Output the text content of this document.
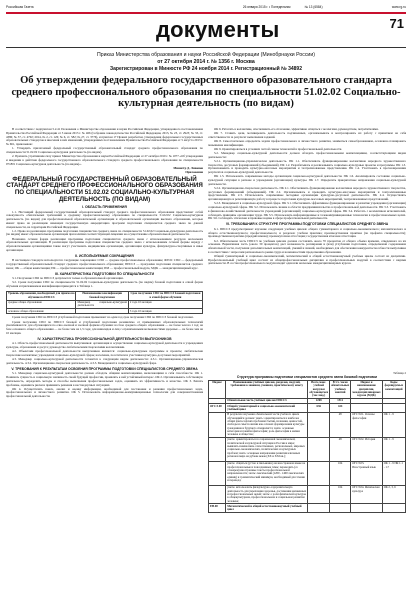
Российская Газета	26 января 2015 г. • Понедельник	№ 13 (6584)	www.rg.ru
документы	71
Приказ Министерства образования и науки Российской Федерации (Минобрнауки России)
от 27 октября 2014 г. № 1356 г. Москва
Зарегистрирован в Минюсте РФ 24 ноября 2014 г. Регистрационный № 34892
Об утверждении федерального государственного образовательного стандарта среднего профессионального образования по специальности 51.02.02 Социально-культурная деятельность (по видам)

В соответствии с подпунктом 5.2.41 Положения о Министерстве образования и науки Российской Федерации, утвержденного постановлением Правительства Российской Федерации от 3 июня 2013 г. № 466 (Собрание законодательства Российской Федерации, 2013, № 23, ст. 2923; № 33, ст. 4386; № 37, ст. 4702; 2014, № 2, ст. 126; № 6, ст. 582; № 27, ст. 3776), и пунктом 17 Правил разработки, утверждения федеральных государственных образовательных стандартов и внесения в них изменений, утвержденных постановлением Правительства Российской Федерации от 5 августа 2013 г. № 661, приказываю:

1. Утвердить прилагаемый федеральный государственный образовательный стандарт среднего профессионального образования по специальности 51.02.02 Социально-культурная деятельность (по видам).

2. Признать утратившим силу приказ Министерства образования и науки Российской Федерации от 27 октября 2010 г. № 1077 «Об утверждении и введении в действие федерального государственного образовательного стандарта среднего профессионального образования по специальности 071801 Социально-культурная деятельность (по видам)».

Министр Д. Ливанов

Приложение

ФЕДЕРАЛЬНЫЙ ГОСУДАРСТВЕННЫЙ ОБРАЗОВАТЕЛЬНЫЙ СТАНДАРТ СРЕДНЕГО ПРОФЕССИОНАЛЬНОГО ОБРАЗОВАНИЯ ПО СПЕЦИАЛЬНОСТИ 51.02.02 СОЦИАЛЬНО-КУЛЬТУРНАЯ ДЕЯТЕЛЬНОСТЬ (ПО ВИДАМ)

I. ОБЛАСТЬ ПРИМЕНЕНИЯ

1.1. Настоящий федеральный государственный образовательный стандарт среднего профессионального образования представляет собой совокупность обязательных требований к среднему профессиональному образованию по специальности 51.02.02 Социально-культурная деятельность (по видам) для профессиональной образовательной организации и образовательной организации высшего образования, которые имеют право на реализацию имеющих государственную аккредитацию программ подготовки специалистов среднего звена по данной специальности, на территории Российской Федерации.

1.2. Право на реализацию программы подготовки специалистов среднего звена по специальности 51.02.02 Социально-культурная деятельность (по видам) имеет образовательная организация при наличии соответствующей лицензии на осуществление образовательной деятельности.

Возможна сетевая форма реализации программы подготовки специалистов среднего звена с использованием ресурсов нескольких образовательных организаций. В реализации программы подготовки специалистов среднего звена с использованием сетевой формы наряду с образовательными организациями также могут участвовать медицинские организации, организации культуры, физкультурно-спортивные и иные организации.

II. ИСПОЛЬЗУЕМЫЕ СОКРАЩЕНИЯ

В настоящем стандарте используются следующие сокращения: СПО — среднее профессиональное образование; ФГОС СПО — федеральный государственный образовательный стандарт среднего профессионального образования; ППССЗ — программа подготовки специалистов среднего звена; ОК — общая компетенция; ПК — профессиональная компетенция; ПМ — профессиональный модуль; МДК — междисциплинарный курс.

III. ХАРАКТЕРИСТИКА ПОДГОТОВКИ ПО СПЕЦИАЛЬНОСТИ

3.1. Получение СПО по ППССЗ допускается только в образовательной организации.

3.2. Сроки получения СПО по специальности 51.02.02 Социально-культурная деятельность (по видам) базовой подготовки в очной форме обучения и присваиваемая квалификация приводятся в Таблице 1.

Уровень образования, необходимый для приема на обучение по ППССЗ	Наименование квалификации базовой подготовки	Срок получения СПО по ППССЗ базовой подготовки в очной форме обучения
среднее общее образование	Менеджер социально-культурной деятельности	2 года 10 месяцев
основное общее образование		3 года 10 месяцев

Сроки получения СПО по ППССЗ углубленной подготовки превышают на один год срок получения СПО по ППССЗ базовой подготовки.

Сроки получения СПО по ППССЗ базовой и углубленной подготовки независимо от применяемых образовательных технологий увеличиваются: для обучающихся по очно-заочной и заочной формам обучения: на базе среднего общего образования — не более чем на 1 год; на базе основного общего образования — не более чем на 1,5 года; для инвалидов и лиц с ограниченными возможностями здоровья — не более чем на 10 месяцев.

IV. ХАРАКТЕРИСТИКА ПРОФЕССИОНАЛЬНОЙ ДЕЯТЕЛЬНОСТИ ВЫПУСКНИКОВ

4.1. Область профессиональной деятельности выпускников: организация и осуществление социально-культурной деятельности в учреждениях культуры, образования и досуга; руководство любительскими творческими коллективами.

4.2. Объектами профессиональной деятельности выпускников являются: социально-культурные программы и проекты; любительские творческие коллективы; учреждения социально-культурной сферы; население, посетители и участники культурно-досуговых мероприятий.

4.3. Менеджер социально-культурной деятельности готовится к следующим видам деятельности: 4.3.1. Организационно-управленческая деятельность. 4.3.2. Организационно-творческая деятельность. 4.3.3. Менеджмент в социально-культурной сфере.

V. ТРЕБОВАНИЯ К РЕЗУЛЬТАТАМ ОСВОЕНИЯ ПРОГРАММЫ ПОДГОТОВКИ СПЕЦИАЛИСТОВ СРЕДНЕГО ЗВЕНА

5.1. Менеджер социально-культурной деятельности должен обладать общими компетенциями, включающими в себя способность: ОК 1. Понимать сущность и социальную значимость своей будущей профессии, проявлять к ней устойчивый интерес. ОК 2. Организовывать собственную деятельность, определять методы и способы выполнения профессиональных задач, оценивать их эффективность и качество. ОК 3. Решать проблемы, оценивать риски и принимать решения в нестандартных ситуациях.

ОК 4. Осуществлять поиск, анализ и оценку информации, необходимой для постановки и решения профессиональных задач, профессионального и личностного развития. ОК 5. Использовать информационно-коммуникационные технологии для совершенствования профессиональной деятельности.

ОК 6. Работать в коллективе, обеспечивать его сплочение, эффективно общаться с коллегами, руководством, потребителями.

ОК 7. Ставить цели, мотивировать деятельность подчиненных, организовывать и контролировать их работу с принятием на себя ответственности за результат выполнения заданий.

ОК 8. Самостоятельно определять задачи профессионального и личностного развития, заниматься самообразованием, осознанно планировать повышение квалификации.

ОК 9. Ориентироваться в условиях частой смены технологий в профессиональной деятельности.

5.2. Менеджер социально-культурной деятельности должен обладать профессиональными компетенциями, соответствующими видам деятельности:

5.2.1. Организационно-управленческая деятельность. ПК 1.1. Обеспечивать функционирование коллективов народного художественного творчества, досуговых формирований (объединений). ПК 1.2. Разрабатывать и реализовывать социально-культурные проекты и программы. ПК 1.3. Организовывать и проводить культурно-массовые мероприятия и театрализованные представления. ПК 1.4. Участвовать в прогнозировании результатов социально-культурной деятельности.

ПК 1.5. Использовать современные методы организации социально-культурной деятельности. ПК 1.6. Анализировать состояние социально-культурной ситуации в регионе и учреждении (организации) культуры. ПК 1.7. Определять приоритетные направления социально-культурной деятельности.

5.2.2. Организационно-творческая деятельность. ПК 2.1. Обеспечивать функционирование коллективов народного художественного творчества, досуговых формирований (объединений). ПК 2.2. Организовывать и проводить культурно-массовые мероприятия и театрализованные представления. ПК 2.3. Использовать современные методики организации культурно-досуговой деятельности. ПК 2.4. Осуществлять организационную и репетиционную работу в процессе подготовки культурно-массовых мероприятий, театрализованных представлений.

5.2.3. Менеджмент в социально-культурной сфере. ПК 3.1. Обеспечивать эффективное функционирование и развитие учреждения (организации) социально-культурной сферы. ПК 3.2. Использовать знание в области предпринимательства в профессиональной деятельности. ПК 3.3. Участвовать в финансово-хозяйственной деятельности учреждений (организаций) социально-культурной сферы. ПК 3.4. Работать с коллективом исполнителей, соблюдать принципы организации труда. ПК 3.5. Использовать информационные и телекоммуникационные технологии в профессиональных целях. ПК 3.6. Соблюдать этические и правовые нормы в сфере профессиональной деятельности.

VI. ТРЕБОВАНИЯ К СТРУКТУРЕ ПРОГРАММЫ ПОДГОТОВКИ СПЕЦИАЛИСТОВ СРЕДНЕГО ЗВЕНА

6.1. ППССЗ предусматривает изучение следующих учебных циклов: общего гуманитарного и социально-экономического; математического и общего естественнонаучного; профессионального; и разделов: учебная практика; производственная практика (по профилю специальности); производственная практика (преддипломная); промежуточная аттестация; государственная итоговая аттестация.

6.2. Обязательная часть ППССЗ по учебным циклам должна составлять около 70 процентов от общего объема времени, отведенного на их освоение. Вариативная часть (около 30 процентов) дает возможность расширения и (или) углубления подготовки, определяемой содержанием обязательной части, получения дополнительных компетенций, умений и знаний, необходимых для обеспечения конкурентоспособности выпускника в соответствии с запросами регионального рынка труда и возможностями продолжения образования.

Общий гуманитарный и социально-экономический, математический и общий естественнонаучный учебные циклы состоят из дисциплин. Профессиональный учебный цикл состоит из общепрофессиональных дисциплин и профессиональных модулей в соответствии с видами деятельности. В состав профессионального модуля входит один или несколько междисциплинарных курсов.

Таблица 2
Структура программы подготовки специалистов среднего звена базовой подготовки
Индекс	Наименование учебных циклов, разделов, модулей, требования к знаниям, умениям, практическому опыту	Всего макс. учебной нагрузки обучающегося (час./нед.)	В т.ч. часов обязательных учебных занятий	Индекс и наименование дисциплин, междисциплинарных курсов (МДК)	Коды формируемых компетенций
	Обязательная часть учебных циклов ППССЗ	2268	1512		
ОГСЭ.00	Общий гуманитарный и социально-экономический учебный цикл	636	424		
	В результате изучения обязательной части учебного цикла обучающийся должен: уметь: ориентироваться в наиболее общих философских проблемах бытия, познания, ценностей, свободы и смысла жизни как основах формирования культуры гражданина и будущего специалиста; знать: основные категории и понятия философии; роль философии в жизни человека и общества;		48	ОГСЭ.01. Основы философии	ОК 1 - 9
	уметь: ориентироваться в современной экономической, политической и культурной ситуации в России и мире; выявлять взаимосвязь отечественных, региональных, мировых социально-экономических, политических и культурных проблем; знать: основные направления развития ключевых регионов мира на рубеже веков (XX и XXI вв.);		48	ОГСЭ.02. История	ОК 1 - 9
	уметь: общаться (устно и письменно) на иностранном языке на профессиональные и повседневные темы; переводить (со словарем) иностранные тексты профессиональной направленности; знать: лексический (1200 - 1400 лексических единиц) и грамматический минимум, необходимый для чтения и перевода;		164	ОГСЭ.03. Иностранный язык	ОК 1 - 9 ПК 1.1 - 1.7
	уметь: использовать физкультурно-оздоровительную деятельность для укрепления здоровья, достижения жизненных и профессиональных целей; знать: о роли физической культуры в общекультурном, профессиональном и социальном развитии человека;		164	ОГСЭ.04. Физическая культура	ОК 2, 3, 6
ЕН.00	Математический и общий естественнонаучный учебный цикл				
